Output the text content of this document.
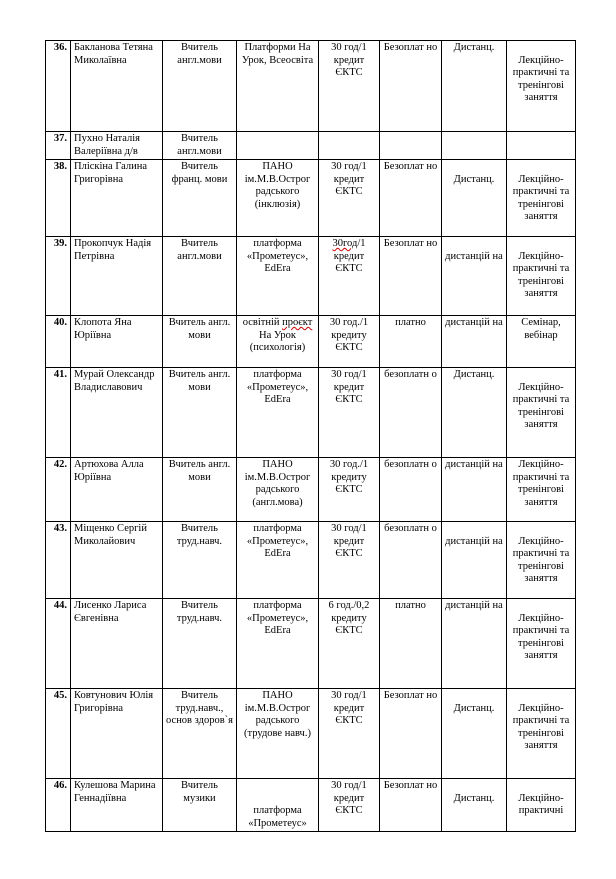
36.	Бакланова Тетяна Миколаївна	Вчитель англ.мови	Платформи На Урок, Всеосвіта	30 год/1 кредит ЄКТС	Безоплат но	Дистанц.	Лекційно-практичні та тренінгові заняття
37.	Пухно Наталія Валеріївна д/в	Вчитель англ.мови					
38.	Пліскіна Галина Григорівна	Вчитель франц. мови	ПАНО ім.М.В.Острог радського (інклюзія)	30 год/1 кредит ЄКТС	Безоплат но	Дистанц.	Лекційно-практичні та тренінгові заняття
39.	Прокопчук Надія Петрівна	Вчитель англ.мови	платформа «Прометеус», EdEra	30год/1 кредит ЄКТС	Безоплат но	дистанцій на	Лекційно-практичні та тренінгові заняття
40.	Клопота Яна Юріївна	Вчитель англ. мови	освітній проєкт На Урок (психологія)	30 год./1 кредиту ЄКТС	платно	дистанцій на	Семінар, вебінар
41.	Мурай Олександр Владиславович	Вчитель англ. мови	платформа «Прометеус», EdEra	30 год/1 кредит ЄКТС	безоплатн о	Дистанц.	Лекційно-практичні та тренінгові заняття
42.	Артюхова Алла Юріївна	Вчитель англ. мови	ПАНО ім.М.В.Острог радського (англ.мова)	30 год./1 кредиту ЄКТС	безоплатн о	дистанцій на	Лекційно-практичні та тренінгові заняття
43.	Міщенко Сергій Миколайович	Вчитель труд.навч.	платформа «Прометеус», EdEra	30 год/1 кредит ЄКТС	безоплатн о	дистанцій на	Лекційно-практичні та тренінгові заняття
44.	Лисенко Лариса Євгенівна	Вчитель труд.навч.	платформа «Прометеус», EdEra	6 год./0,2 кредиту ЄКТС	платно	дистанцій на	Лекційно-практичні та тренінгові заняття
45.	Ковтунович Юлія Григорівна	Вчитель труд.навч., основ здоров`я	ПАНО ім.М.В.Острог радського (трудове навч.)	30 год/1 кредит ЄКТС	Безоплат но	Дистанц.	Лекційно-практичні та тренінгові заняття
46.	Кулешова Марина Геннадіївна	Вчитель музики	платформа «Прометеус»	30 год/1 кредит ЄКТС	Безоплат но	Дистанц.	Лекційно-практичні
